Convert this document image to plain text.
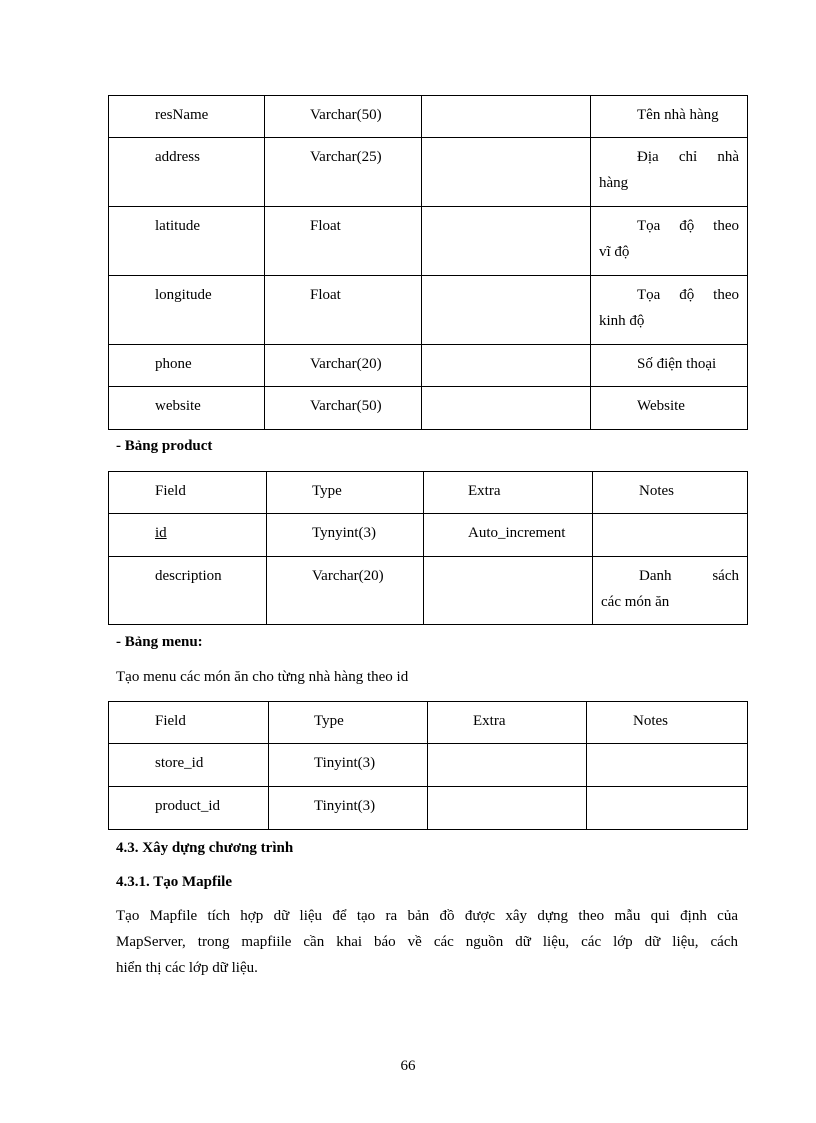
resName	Varchar(50)		Tên nhà hàng
address	Varchar(25)		Địa chỉ nhà
hàng
latitude	Float		Tọa độ theo
vĩ độ
longitude	Float		Tọa độ theo
kinh độ
phone	Varchar(20)		Số điện thoại
website	Varchar(50)		Website
- Bảng product
Field	Type	Extra	Notes
id	Tynyint(3)	Auto_increment	
description	Varchar(20)		Danh sách
các món ăn
- Bảng menu:
Tạo menu các món ăn cho từng nhà hàng theo id
Field	Type	Extra	Notes
store_id	Tinyint(3)		
product_id	Tinyint(3)		
4.3. Xây dựng chương trình
4.3.1. Tạo Mapfile
Tạo Mapfile tích hợp dữ liệu để tạo ra bản đồ được xây dựng theo mẫu qui định của
MapServer, trong mapfiile cần khai báo về các nguồn dữ liệu, các lớp dữ liệu, cách
hiển thị các lớp dữ liệu.
66
